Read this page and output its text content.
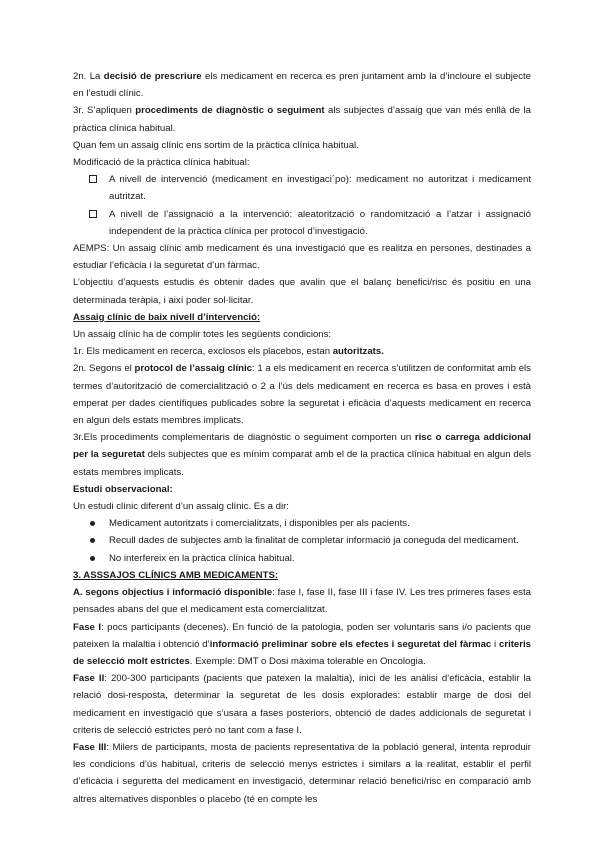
2n. La decisió de prescriure els medicament en recerca es pren juntament amb la d’incloure el subjecte en l’estudi clínic.

3r. S’apliquen procediments de diagnòstic o seguiment als subjectes d’assaig que van més enllà de la pràctica clínica habitual.

Quan fem un assaig clínic ens sortim de la pràctica clínica habitual.

Modificació de la pràctica clínica habitual:

A nivell de intervenció (medicament en investigaci´po): medicament no autoritzat i medicament autritzat.
A nivell de l’assignació a la intervenció: aleatorització o randomització a l’atzar i assignació independent de la pràctica clínica per protocol d’investigació.

AEMPS: Un assaig clínic amb medicament és una investigació que es realitza en persones, destinades a estudiar l’eficàcia i la seguretat d’un fàrmac.

L’objectiu d’aquests estudis és obtenir dades que avalin que el balanç benefici/risc és positiu en una determinada teràpia, i així poder sol·licitar.

Assaig clínic de baix nivell d’intervenció:

Un assaig clínic ha de complir totes les següents condicions:

1r. Els medicament en recerca, exclosos els placebos, estan autoritzats.

2n. Segons el protocol de l’assaig clínic: 1 a els medicament en recerca s’utilitzen de conformitat amb els termes d’autorització de comercialització o 2 a l’ús dels medicament en recerca es basa en proves i està emperat per dades científiques publicades sobre la seguretat i eficàcia d’aquests medicament en recerca en algun dels estats membres implicats.

3r.Els procediments complementaris de diagnòstic o seguiment comporten un risc o carrega addicional per la seguretat dels subjectes que es mínim comparat amb el de la practica clínica habitual en algun dels estats membres implicats.

Estudi observacional:

Un estudi clínic diferent d’un assaig clínic. Es a dir:

Medicament autoritzats i comercialitzats, i disponibles per als pacients.
Recull dades de subjectes amb la finalitat de completar informació ja coneguda del medicament.
No interfereix en la pràctica clínica habitual.

3. ASSSAJOS CLÍNICS AMB MEDICAMENTS:

A. segons objectius i informació disponible: fase I, fase II, fase III i fase IV. Les tres primeres fases esta pensades abans del que el medicament esta comercialitzat.

Fase I: pocs participants (decenes). En funció de la patologia, poden ser voluntaris sans i/o pacients que pateixen la malaltia i obtenció d’informació preliminar sobre els efectes i seguretat del fàrmac i criteris de selecció molt estrictes. Exemple: DMT o Dosi màxima tolerable en Oncologia.

Fase II: 200-300 participants (pacients que patexen la malaltia), inici de les anàlisi d’eficàcia, establir la relació dosi-resposta, determinar la seguretat de les dosis explorades: establir marge de dosi del medicament en investigació que s’usara a fases posteriors, obtenció de dades addicionals de seguretat i criteris de selecció estrictes però no tant com a fase I.

Fase III: Milers de participants, mosta de pacients representativa de la població general, intenta reproduir les condicions d’ús habitual, criteris de selecció menys estrictes i similars a la realitat, establir el perfil d’eficàcia i seguretta del medicament en investigació, determinar relació benefici/risc en comparació amb altres alternatives disponbles o placebo (té en compte les
